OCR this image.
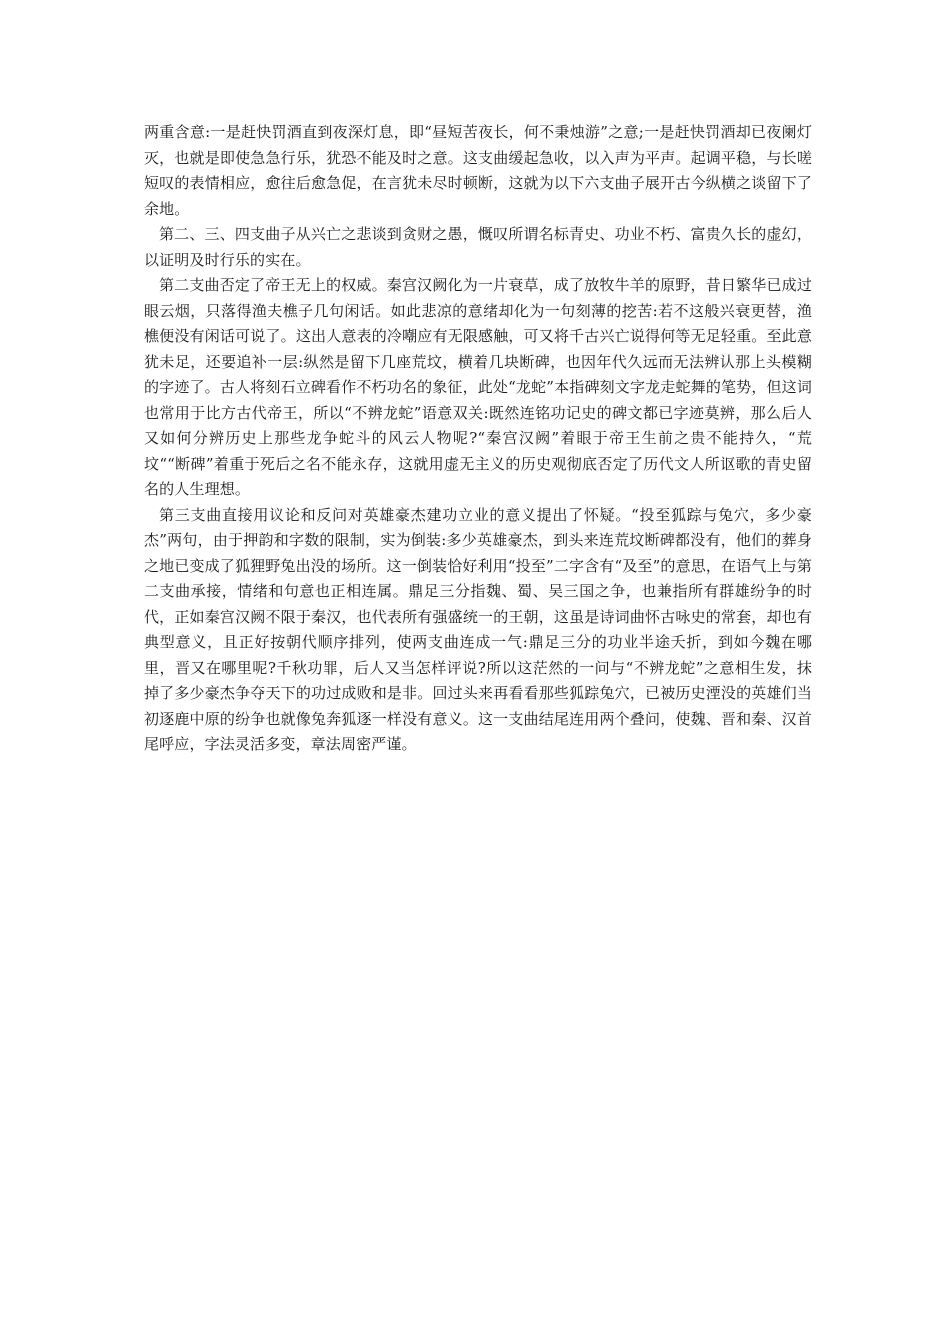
两重含意:一是赶快罚酒直到夜深灯息，即“昼短苦夜长，何不秉烛游”之意;一是赶快罚酒却已夜阑灯灭，也就是即使急急行乐，犹恐不能及时之意。这支曲缓起急收，以入声为平声。起调平稳，与长嗟短叹的表情相应，愈往后愈急促，在言犹未尽时顿断，这就为以下六支曲子展开古今纵横之谈留下了余地。

第二、三、四支曲子从兴亡之悲谈到贪财之愚，慨叹所谓名标青史、功业不朽、富贵久长的虚幻，以证明及时行乐的实在。

第二支曲否定了帝王无上的权威。秦宫汉阙化为一片衰草，成了放牧牛羊的原野，昔日繁华已成过眼云烟，只落得渔夫樵子几句闲话。如此悲凉的意绪却化为一句刻薄的挖苦:若不这般兴衰更替，渔樵便没有闲话可说了。这出人意表的冷嘲应有无限感触，可又将千古兴亡说得何等无足轻重。至此意犹未足，还要追补一层:纵然是留下几座荒坟，横着几块断碑，也因年代久远而无法辨认那上头模糊的字迹了。古人将刻石立碑看作不朽功名的象征，此处“龙蛇”本指碑刻文字龙走蛇舞的笔势，但这词也常用于比方古代帝王，所以“不辨龙蛇”语意双关:既然连铭功记史的碑文都已字迹莫辨，那么后人又如何分辨历史上那些龙争蛇斗的风云人物呢?“秦宫汉阙”着眼于帝王生前之贵不能持久，“荒坟““断碑”着重于死后之名不能永存，这就用虚无主义的历史观彻底否定了历代文人所讴歌的青史留名的人生理想。

第三支曲直接用议论和反问对英雄豪杰建功立业的意义提出了怀疑。“投至狐踪与兔穴，多少豪杰”两句，由于押韵和字数的限制，实为倒装:多少英雄豪杰，到头来连荒坟断碑都没有，他们的葬身之地已变成了狐狸野兔出没的场所。这一倒装恰好利用“投至”二字含有“及至”的意思，在语气上与第二支曲承接，情绪和句意也正相连属。鼎足三分指魏、蜀、吴三国之争，也兼指所有群雄纷争的时代，正如秦宫汉阙不限于秦汉，也代表所有强盛统一的王朝，这虽是诗词曲怀古咏史的常套，却也有典型意义，且正好按朝代顺序排列，使两支曲连成一气:鼎足三分的功业半途夭折，到如今魏在哪里，晋又在哪里呢?千秋功罪，后人又当怎样评说?所以这茫然的一问与“不辨龙蛇”之意相生发，抹掉了多少豪杰争夺天下的功过成败和是非。回过头来再看看那些狐踪兔穴，已被历史湮没的英雄们当初逐鹿中原的纷争也就像兔奔狐逐一样没有意义。这一支曲结尾连用两个叠问，使魏、晋和秦、汉首尾呼应，字法灵活多变，章法周密严谨。
